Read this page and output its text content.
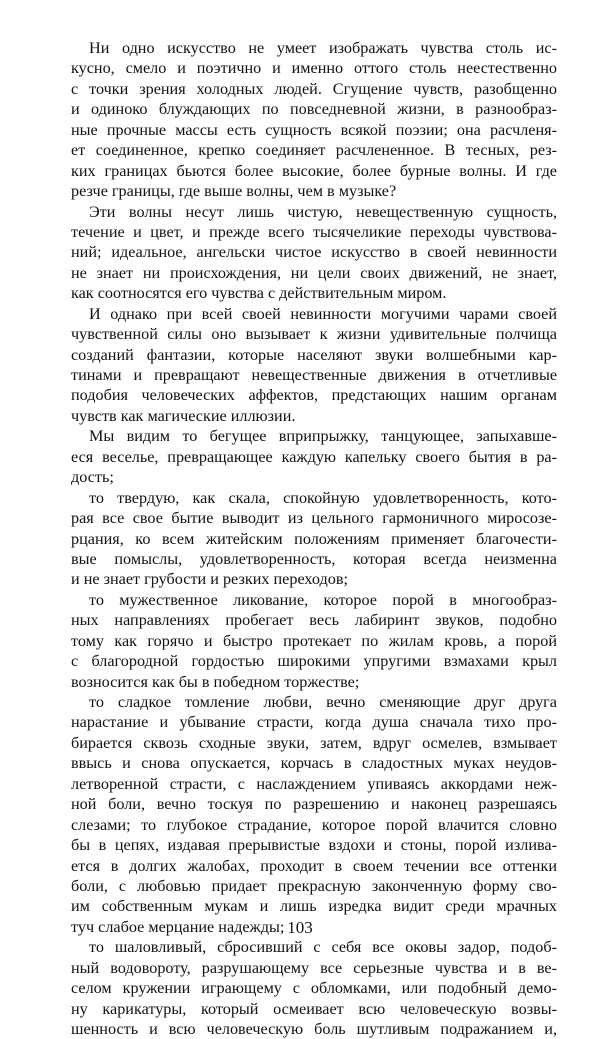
Ни одно искусство не умеет изображать чувства столь ис-
кусно, смело и поэтично и именно оттого столь неестественно
с точки зрения холодных людей. Сгущение чувств, разобщенно
и одиноко блуждающих по повседневной жизни, в разнообраз-
ные прочные массы есть сущность всякой поэзии; она расчленя-
ет соединенное, крепко соединяет расчлененное. В тесных, рез-
ких границах бьются более высокие, более бурные волны. И где
резче границы, где выше волны, чем в музыке?
Эти волны несут лишь чистую, невещественную сущность,
течение и цвет, и прежде всего тысячеликие переходы чувствова-
ний; идеальное, ангельски чистое искусство в своей невинности
не знает ни происхождения, ни цели своих движений, не знает,
как соотносятся его чувства с действительным миром.
И однако при всей своей невинности могучими чарами своей
чувственной силы оно вызывает к жизни удивительные полчища
созданий фантазии, которые населяют звуки волшебными кар-
тинами и превращают невещественные движения в отчетливые
подобия человеческих аффектов, предстающих нашим органам
чувств как магические иллюзии.
Мы видим то бегущее вприпрыжку, танцующее, запыхавше-
еся веселье, превращающее каждую капельку своего бытия в ра-
дость;
то твердую, как скала, спокойную удовлетворенность, кото-
рая все свое бытие выводит из цельного гармоничного миросозе-
рцания, ко всем житейским положениям применяет благочести-
вые помыслы, удовлетворенность, которая всегда неизменна
и не знает грубости и резких переходов;
то мужественное ликование, которое порой в многообраз-
ных направлениях пробегает весь лабиринт звуков, подобно
тому как горячо и быстро протекает по жилам кровь, а порой
с благородной гордостью широкими упругими взмахами крыл
возносится как бы в победном торжестве;
то сладкое томление любви, вечно сменяющие друг друга
нарастание и убывание страсти, когда душа сначала тихо про-
бирается сквозь сходные звуки, затем, вдруг осмелев, взмывает
ввысь и снова опускается, корчась в сладостных муках неудов-
летворенной страсти, с наслаждением упиваясь аккордами неж-
ной боли, вечно тоскуя по разрешению и наконец разрешаясь
слезами; то глубокое страдание, которое порой влачится словно
бы в цепях, издавая прерывистые вздохи и стоны, порой излива-
ется в долгих жалобах, проходит в своем течении все оттенки
боли, с любовью придает прекрасную законченную форму сво-
им собственным мукам и лишь изредка видит среди мрачных
туч слабое мерцание надежды;
то шаловливый, сбросивший с себя все оковы задор, подоб-
ный водовороту, разрушающему все серьезные чувства и в ве-
селом кружении играющему с обломками, или подобный демо-
ну карикатуры, который осмеивает всю человеческую возвы-
шенность и всю человеческую боль шутливым подражанием и,
103
